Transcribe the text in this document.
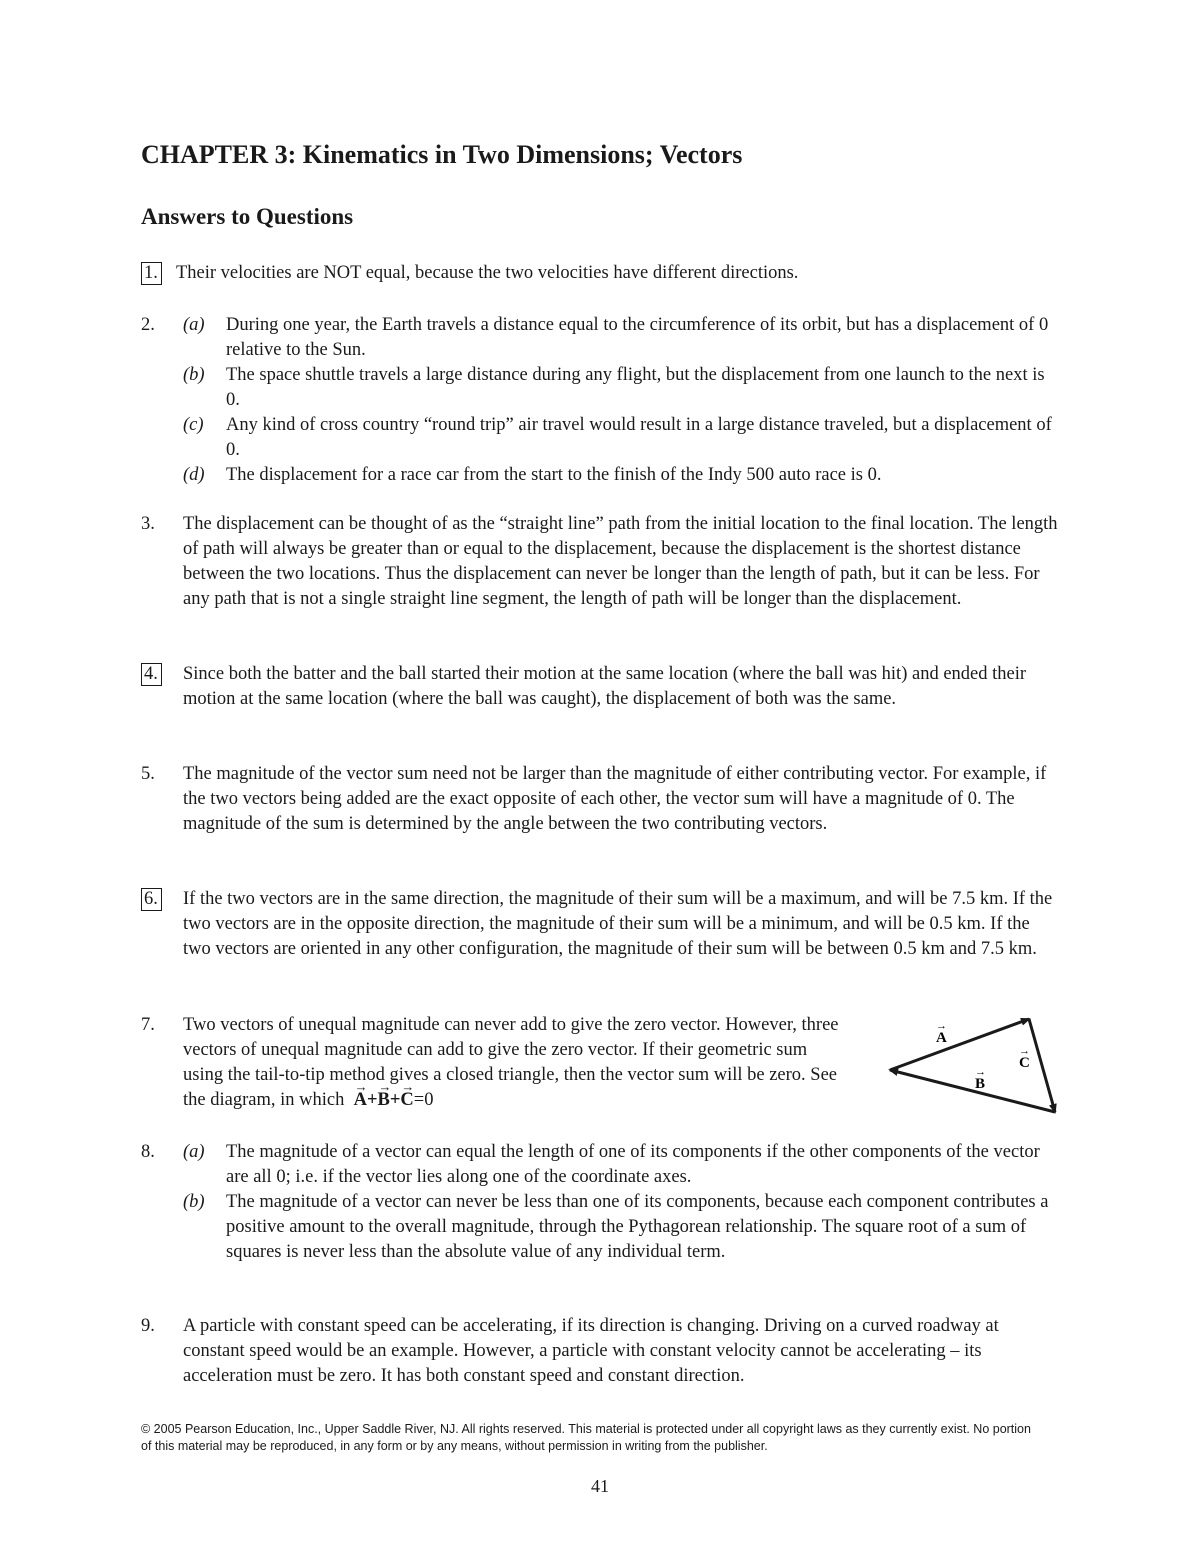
CHAPTER 3: Kinematics in Two Dimensions; Vectors
Answers to Questions
1. Their velocities are NOT equal, because the two velocities have different directions.
2. (a) During one year, the Earth travels a distance equal to the circumference of its orbit, but has a displacement of 0 relative to the Sun.
(b) The space shuttle travels a large distance during any flight, but the displacement from one launch to the next is 0.
(c) Any kind of cross country “round trip” air travel would result in a large distance traveled, but a displacement of 0.
(d) The displacement for a race car from the start to the finish of the Indy 500 auto race is 0.
3. The displacement can be thought of as the “straight line” path from the initial location to the final location. The length of path will always be greater than or equal to the displacement, because the displacement is the shortest distance between the two locations. Thus the displacement can never be longer than the length of path, but it can be less. For any path that is not a single straight line segment, the length of path will be longer than the displacement.
4. Since both the batter and the ball started their motion at the same location (where the ball was hit) and ended their motion at the same location (where the ball was caught), the displacement of both was the same.
5. The magnitude of the vector sum need not be larger than the magnitude of either contributing vector. For example, if the two vectors being added are the exact opposite of each other, the vector sum will have a magnitude of 0. The magnitude of the sum is determined by the angle between the two contributing vectors.
6. If the two vectors are in the same direction, the magnitude of their sum will be a maximum, and will be 7.5 km. If the two vectors are in the opposite direction, the magnitude of their sum will be a minimum, and will be 0.5 km. If the two vectors are oriented in any other configuration, the magnitude of their sum will be between 0.5 km and 7.5 km.
7. Two vectors of unequal magnitude can never add to give the zero vector. However, three vectors of unequal magnitude can add to give the zero vector. If their geometric sum using the tail-to-tip method gives a closed triangle, then the vector sum will be zero. See the diagram, in which  → A+→ B+→ C=0
A
→
C
→
B
→
8. (a) The magnitude of a vector can equal the length of one of its components if the other components of the vector are all 0; i.e. if the vector lies along one of the coordinate axes.
(b) The magnitude of a vector can never be less than one of its components, because each component contributes a positive amount to the overall magnitude, through the Pythagorean relationship. The square root of a sum of squares is never less than the absolute value of any individual term.
9. A particle with constant speed can be accelerating, if its direction is changing. Driving on a curved roadway at constant speed would be an example. However, a particle with constant velocity cannot be accelerating – its acceleration must be zero. It has both constant speed and constant direction.

© 2005 Pearson Education, Inc., Upper Saddle River, NJ. All rights reserved. This material is protected under all copyright laws as they currently exist. No portion of this material may be reproduced, in any form or by any means, without permission in writing from the publisher.

41
